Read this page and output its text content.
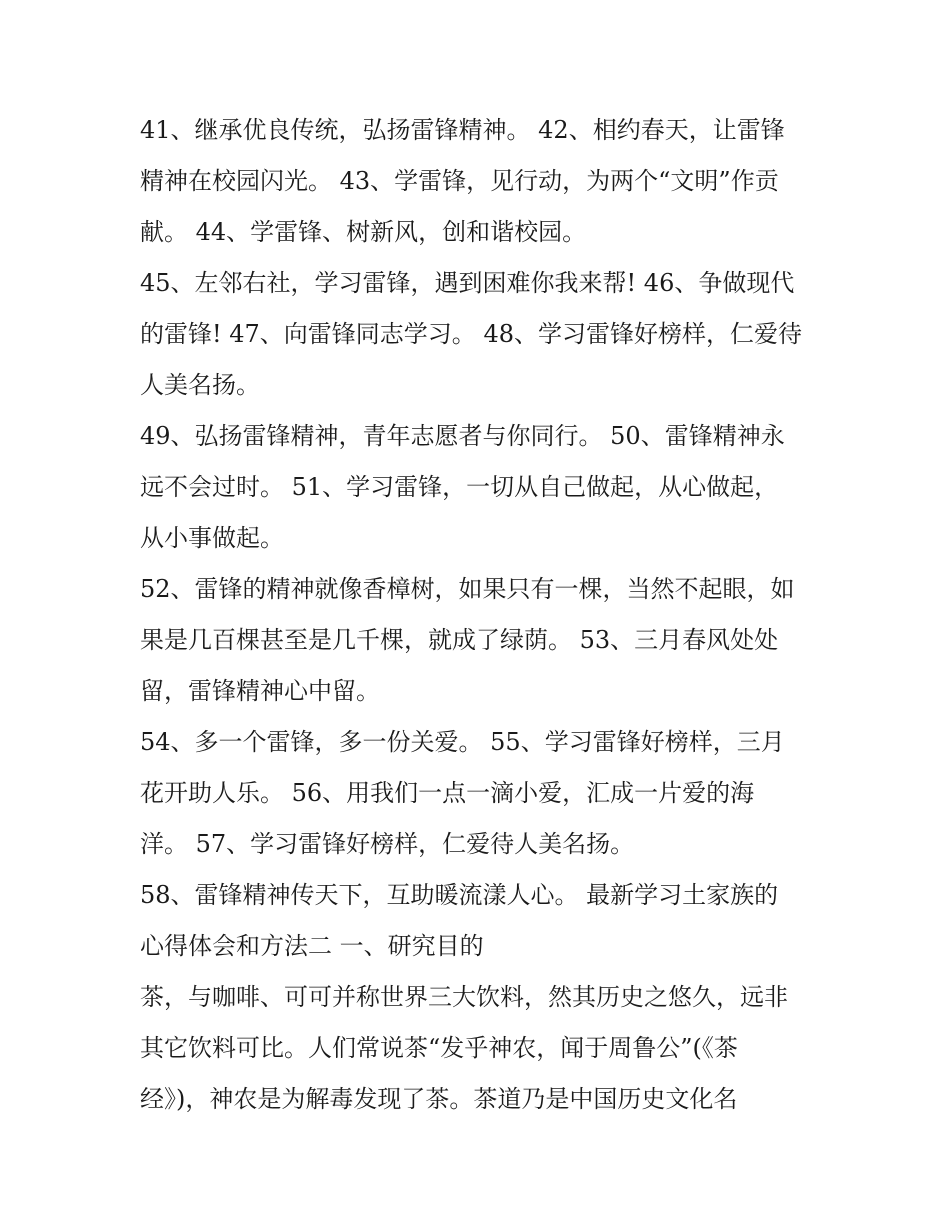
41、继承优良传统，弘扬雷锋精神。 42、相约春天，让雷锋
精神在校园闪光。 43、学雷锋，见行动，为两个“文明”作贡
献。 44、学雷锋、树新风，创和谐校园。
45、左邻右社，学习雷锋，遇到困难你我来帮! 46、争做现代
的雷锋! 47、向雷锋同志学习。 48、学习雷锋好榜样，仁爱待
人美名扬。
49、弘扬雷锋精神，青年志愿者与你同行。 50、雷锋精神永
远不会过时。 51、学习雷锋，一切从自己做起，从心做起，
从小事做起。
52、雷锋的精神就像香樟树，如果只有一棵，当然不起眼，如
果是几百棵甚至是几千棵，就成了绿荫。 53、三月春风处处
留，雷锋精神心中留。
54、多一个雷锋，多一份关爱。 55、学习雷锋好榜样，三月
花开助人乐。 56、用我们一点一滴小爱，汇成一片爱的海
洋。 57、学习雷锋好榜样，仁爱待人美名扬。
58、雷锋精神传天下，互助暖流漾人心。 最新学习土家族的
心得体会和方法二 一、研究目的
茶，与咖啡、可可并称世界三大饮料，然其历史之悠久，远非
其它饮料可比。人们常说茶“发乎神农，闻于周鲁公”(《茶
经》)，神农是为解毒发现了茶。茶道乃是中国历史文化名
